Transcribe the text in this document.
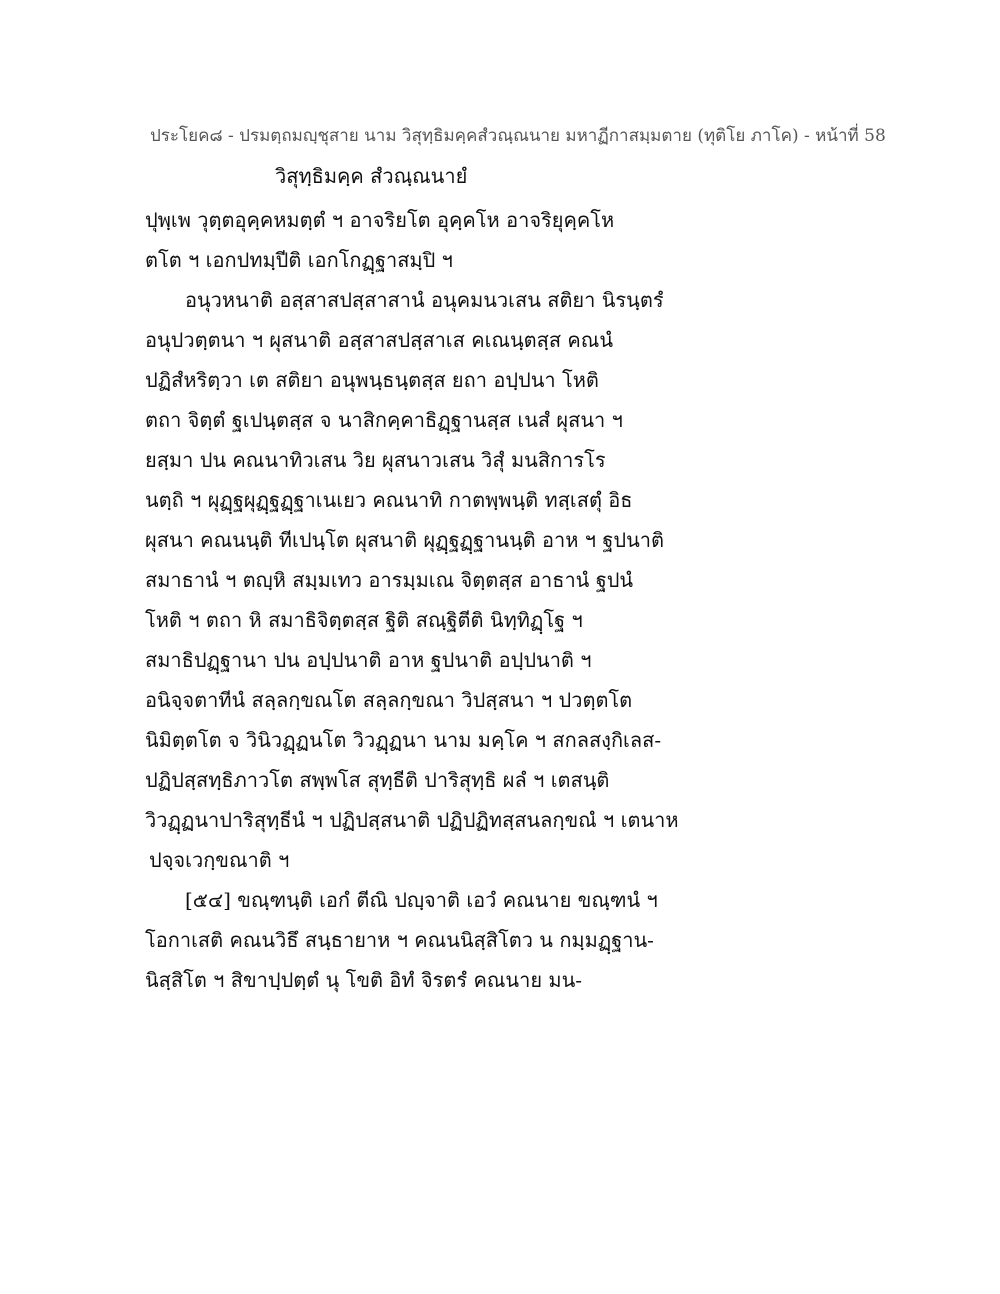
ประโยค๘ - ปรมตฺถมญฺชุสาย นาม วิสุทฺธิมคฺคสํวณฺณนาย มหาฏีกาสมฺมตาย (ทุติโย ภาโค) - หน้าที่ 58
วิสุทฺธิมคฺค สํวณฺณนายํ
ปุพฺเพ วุตฺตอุคฺคหมตฺตํ ฯ อาจริยโต อุคฺคโห อาจริยุคฺคโห
ตโต ฯ เอกปทมฺปีติ เอกโกฏฺฐาสมฺปิ ฯ
อนุวหนาติ อสฺสาสปสฺสาสานํ อนุคมนวเสน สติยา นิรนฺตรํ
อนุปวตฺตนา ฯ ผุสนาติ อสฺสาสปสฺสาเส คเณนฺตสฺส คณนํ
ปฏิสํหริตฺวา เต สติยา อนุพนฺธนฺตสฺส ยถา อปฺปนา โหติ
ตถา จิตฺตํ ฐเปนฺตสฺส จ นาสิกคฺคาธิฏฺฐานสฺส เนสํ ผุสนา ฯ
ยสฺมา ปน คณนาทิวเสน วิย ผุสนาวเสน วิสุํ มนสิการโร
นตฺถิ ฯ ผุฏฺฐผุฏฺฐฏฺฐาเนเยว คณนาทิ กาตพฺพนฺติ ทสฺเสตุํ อิธ
ผุสนา คณนนฺติ ทีเปนฺโต ผุสนาติ ผุฏฺฐฏฺฐานนฺติ อาห ฯ ฐปนาติ
สมาธานํ ฯ ตญฺหิ สมฺมเทว อารมฺมเณ จิตฺตสฺส อาธานํ ฐปนํ
โหติ ฯ ตถา หิ สมาธิจิตฺตสฺส ฐิติ สณฺฐิตีติ นิทฺทิฏฺโฐ ฯ
สมาธิปฏฺฐานา ปน อปฺปนาติ อาห ฐปนาติ อปฺปนาติ ฯ
อนิจฺจตาทีนํ สลฺลกฺขณโต สลฺลกฺขณา วิปสฺสนา ฯ ปวตฺตโต
นิมิตฺตโต จ วินิวฏฺฏนโต วิวฏฺฏนา นาม มคฺโค ฯ สกลสงฺกิเลส-
ปฏิปสฺสทฺธิภาวโต สพฺพโส สุทฺธีติ ปาริสุทฺธิ ผลํ ฯ เตสนฺติ
วิวฏฺฏนาปาริสุทฺธีนํ ฯ ปฏิปสฺสนาติ ปฏิปฏิทสฺสนลกฺขณํ ฯ เตนาห
ปจฺจเวกฺขณาติ ฯ
[๕๔] ขณฺฑนฺติ เอกํ ตีณิ ปญฺจาติ เอวํ คณนาย ขณฺฑนํ ฯ
โอกาเสติ คณนวิธึ สนฺธายาห ฯ คณนนิสฺสิโตว น กมฺมฏฺฐาน-
นิสฺสิโต ฯ สิขาปฺปตฺตํ นุ โขติ อิทํ จิรตรํ คณนาย มน-
